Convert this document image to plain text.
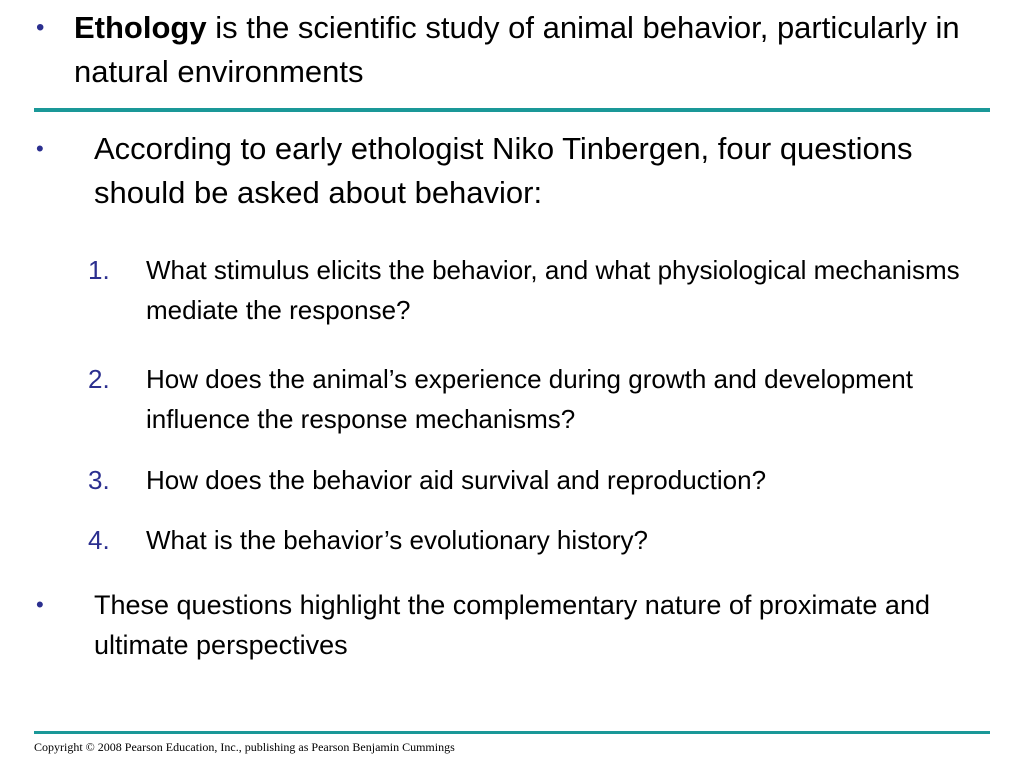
• Ethology is the scientific study of animal behavior, particularly in natural environments
• According to early ethologist Niko Tinbergen, four questions should be asked about behavior:
1. What stimulus elicits the behavior, and what physiological mechanisms mediate the response?
2. How does the animal’s experience during growth and development influence the response mechanisms?
3. How does the behavior aid survival and reproduction?
4. What is the behavior’s evolutionary history?
• These questions highlight the complementary nature of proximate and ultimate perspectives
Copyright © 2008 Pearson Education, Inc., publishing as Pearson Benjamin Cummings
